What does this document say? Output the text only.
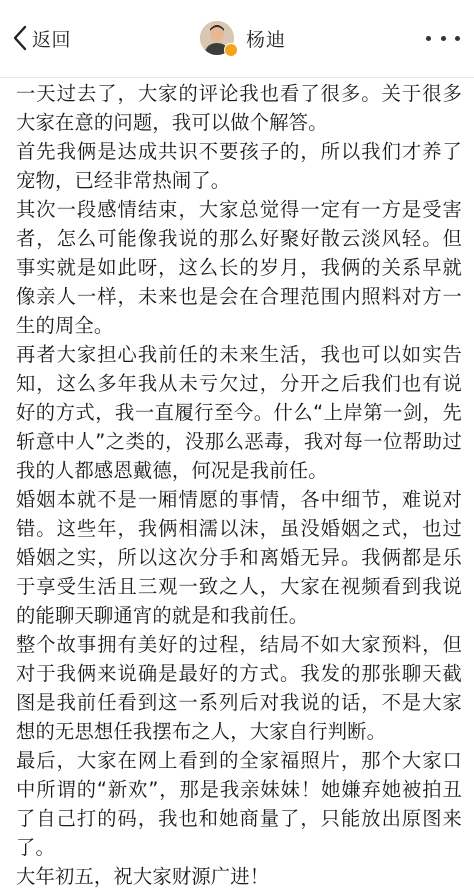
返回	杨迪

一天过去了，大家的评论我也看了很多。关于很多大家在意的问题，我可以做个解答。

首先我俩是达成共识不要孩子的，所以我们才养了宠物，已经非常热闹了。

其次一段感情结束，大家总觉得一定有一方是受害者，怎么可能像我说的那么好聚好散云淡风轻。但事实就是如此呀，这么长的岁月，我俩的关系早就像亲人一样，未来也是会在合理范围内照料对方一生的周全。

再者大家担心我前任的未来生活，我也可以如实告知，这么多年我从未亏欠过，分开之后我们也有说好的方式，我一直履行至今。什么“上岸第一剑，先斩意中人”之类的，没那么恶毒，我对每一位帮助过我的人都感恩戴德，何况是我前任。

婚姻本就不是一厢情愿的事情，各中细节，难说对错。这些年，我俩相濡以沫，虽没婚姻之式，也过婚姻之实，所以这次分手和离婚无异。我俩都是乐于享受生活且三观一致之人，大家在视频看到我说的能聊天聊通宵的就是和我前任。

整个故事拥有美好的过程，结局不如大家预料，但对于我俩来说确是最好的方式。我发的那张聊天截图是我前任看到这一系列后对我说的话，不是大家想的无思想任我摆布之人，大家自行判断。

最后，大家在网上看到的全家福照片，那个大家口中所谓的“新欢”，那是我亲妹妹！她嫌弃她被拍丑了自己打的码，我也和她商量了，只能放出原图来了。

大年初五，祝大家财源广进！
